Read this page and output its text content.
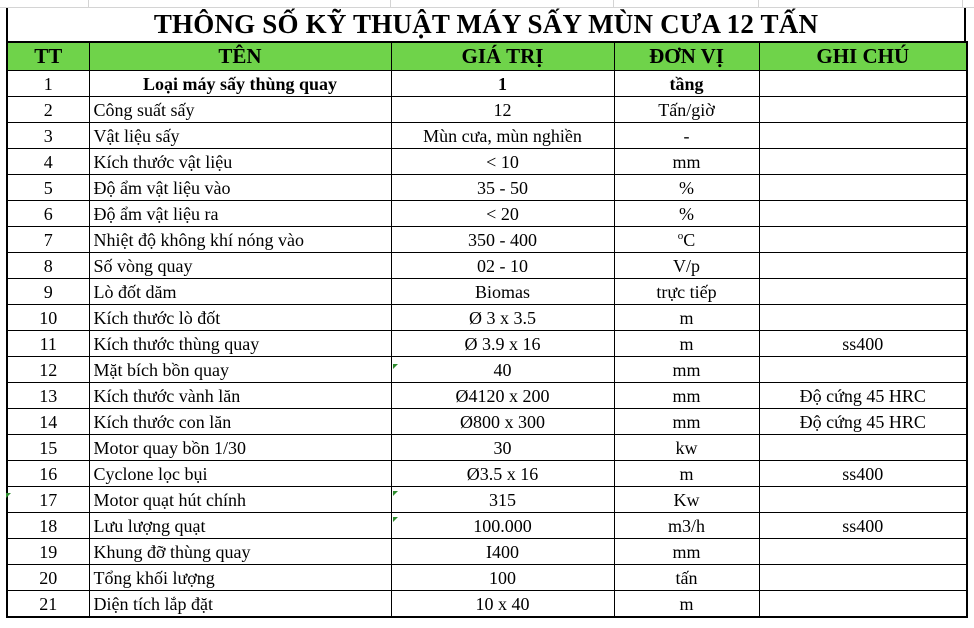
THÔNG SỐ KỸ THUẬT MÁY SẤY MÙN CƯA 12 TẤN
TT	TÊN	GIÁ TRỊ	ĐƠN VỊ	GHI CHÚ
1	Loại máy sấy thùng quay	1	tầng	
2	Công suất sấy	12	Tấn/giờ	
3	Vật liệu sấy	Mùn cưa, mùn nghiền	-	
4	Kích thước vật liệu	< 10	mm	
5	Độ ẩm vật liệu vào	35 - 50	%	
6	Độ ẩm vật liệu ra	< 20	%	
7	Nhiệt độ không khí nóng vào	350 - 400	$^o$C	
8	Số vòng quay	02 - 10	V/p	
9	Lò đốt dăm	Biomas	trực tiếp	
10	Kích thước lò đốt	Ø 3 x 3.5	m	
11	Kích thước thùng quay	Ø 3.9 x 16	m	ss400
12	Mặt bích bồn quay	40	mm	
13	Kích thước vành lăn	Ø4120 x 200	mm	Độ cứng 45 HRC
14	Kích thước con lăn	Ø800 x 300	mm	Độ cứng 45 HRC
15	Motor quay bồn 1/30	30	kw	
16	Cyclone lọc bụi	Ø3.5 x 16	m	ss400
17	Motor quạt hút chính	315	Kw	
18	Lưu lượng quạt	100.000	m3/h	ss400
19	Khung đỡ thùng quay	I400	mm	
20	Tổng khối lượng	100	tấn	
21	Diện tích lắp đặt	10 x 40	m	
